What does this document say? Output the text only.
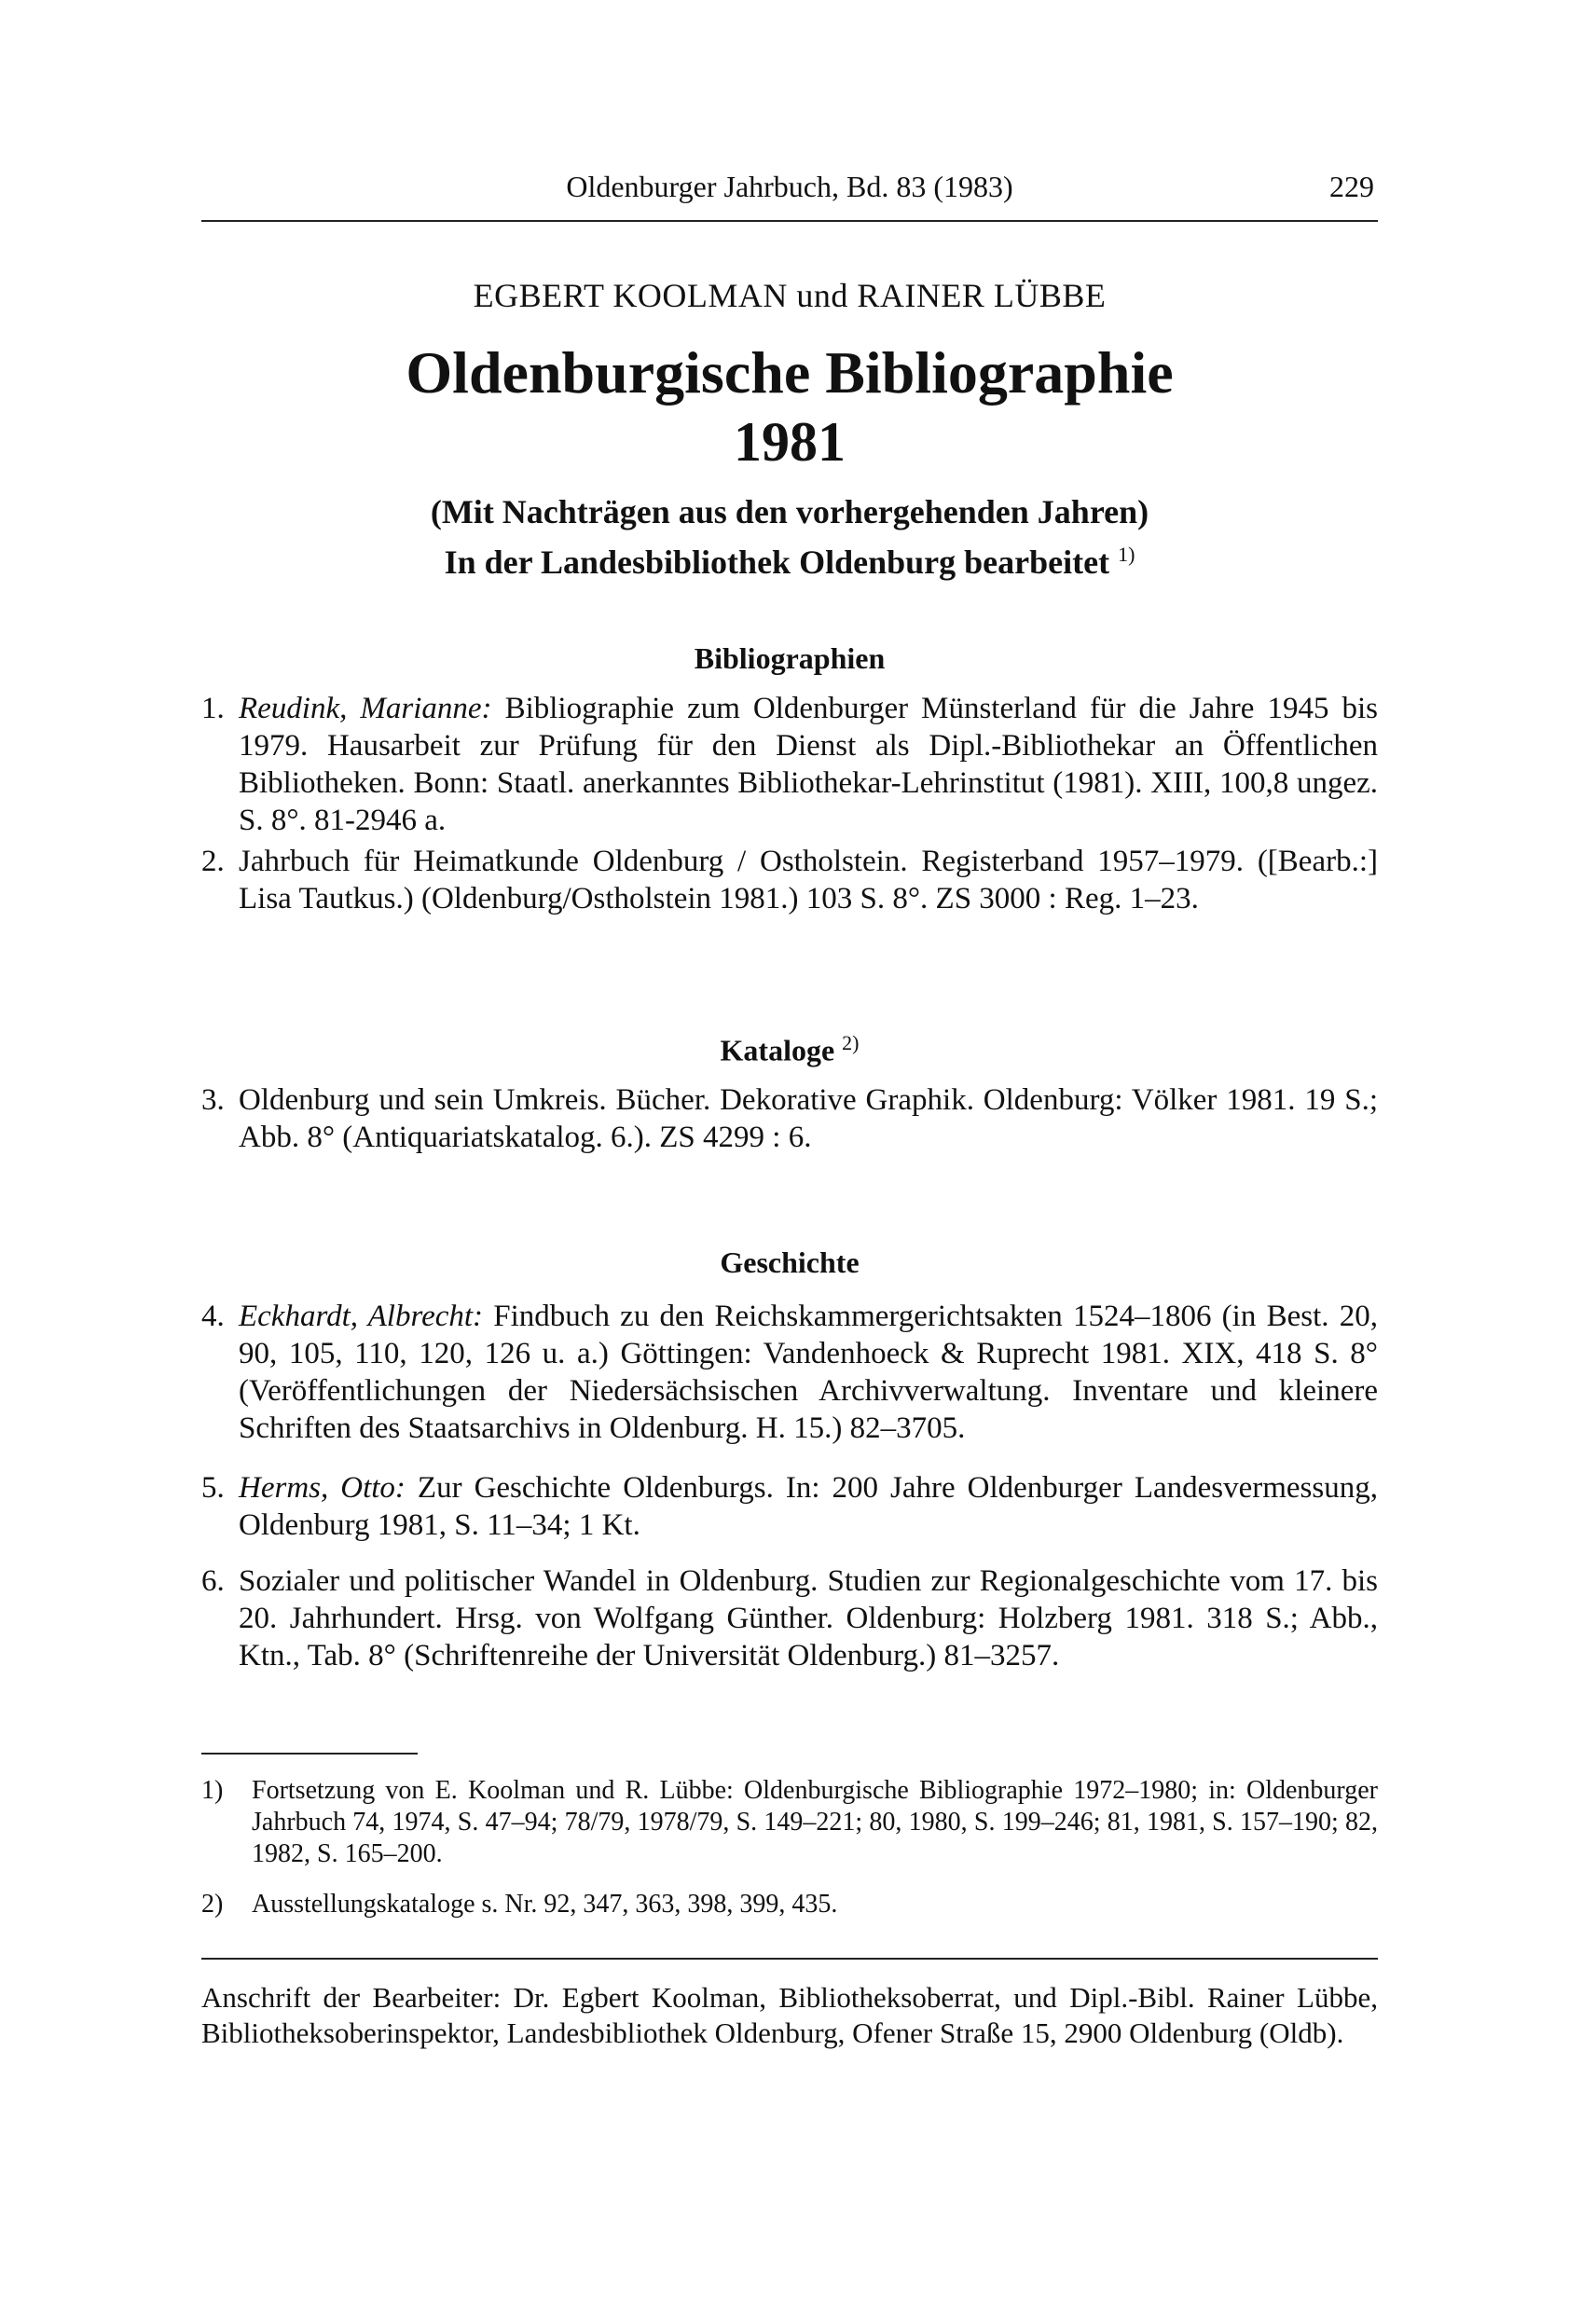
Oldenburger Jahrbuch, Bd. 83 (1983)	229
EGBERT KOOLMAN und RAINER LÜBBE
Oldenburgische Bibliographie
1981
(Mit Nachträgen aus den vorhergehenden Jahren)
In der Landesbibliothek Oldenburg bearbeitet $^{1)}$
Bibliographien
1. Reudink, Marianne: Bibliographie zum Oldenburger Münsterland für die Jahre 1945 bis 1979. Hausarbeit zur Prüfung für den Dienst als Dipl.-Bibliothekar an Öffentlichen Bibliotheken. Bonn: Staatl. anerkanntes Bibliothekar-Lehrinstitut (1981). XIII, 100,8 ungez. S. 8°. 81-2946 a.
2. Jahrbuch für Heimatkunde Oldenburg / Ostholstein. Registerband 1957–1979. ([Bearb.:] Lisa Tautkus.) (Oldenburg/Ostholstein 1981.) 103 S. 8°. ZS 3000 : Reg. 1–23.
Kataloge $^{2)}$
3. Oldenburg und sein Umkreis. Bücher. Dekorative Graphik. Oldenburg: Völker 1981. 19 S.; Abb. 8° (Antiquariatskatalog. 6.). ZS 4299 : 6.
Geschichte
4. Eckhardt, Albrecht: Findbuch zu den Reichskammergerichtsakten 1524–1806 (in Best. 20, 90, 105, 110, 120, 126 u. a.) Göttingen: Vandenhoeck & Ruprecht 1981. XIX, 418 S. 8° (Veröffentlichungen der Niedersächsischen Archivverwaltung. Inventare und kleinere Schriften des Staatsarchivs in Oldenburg. H. 15.) 82–3705.
5. Herms, Otto: Zur Geschichte Oldenburgs. In: 200 Jahre Oldenburger Landesvermessung, Oldenburg 1981, S. 11–34; 1 Kt.
6. Sozialer und politischer Wandel in Oldenburg. Studien zur Regionalgeschichte vom 17. bis 20. Jahrhundert. Hrsg. von Wolfgang Günther. Oldenburg: Holzberg 1981. 318 S.; Abb., Ktn., Tab. 8° (Schriftenreihe der Universität Oldenburg.) 81–3257.
1)	Fortsetzung von E. Koolman und R. Lübbe: Oldenburgische Bibliographie 1972–1980; in: Oldenburger Jahrbuch 74, 1974, S. 47–94; 78/79, 1978/79, S. 149–221; 80, 1980, S. 199–246; 81, 1981, S. 157–190; 82, 1982, S. 165–200.
2)	Ausstellungskataloge s. Nr. 92, 347, 363, 398, 399, 435.
Anschrift der Bearbeiter: Dr. Egbert Koolman, Bibliotheksoberrat, und Dipl.-Bibl. Rainer Lübbe, Bibliotheksoberinspektor, Landesbibliothek Oldenburg, Ofener Straße 15, 2900 Oldenburg (Oldb).
